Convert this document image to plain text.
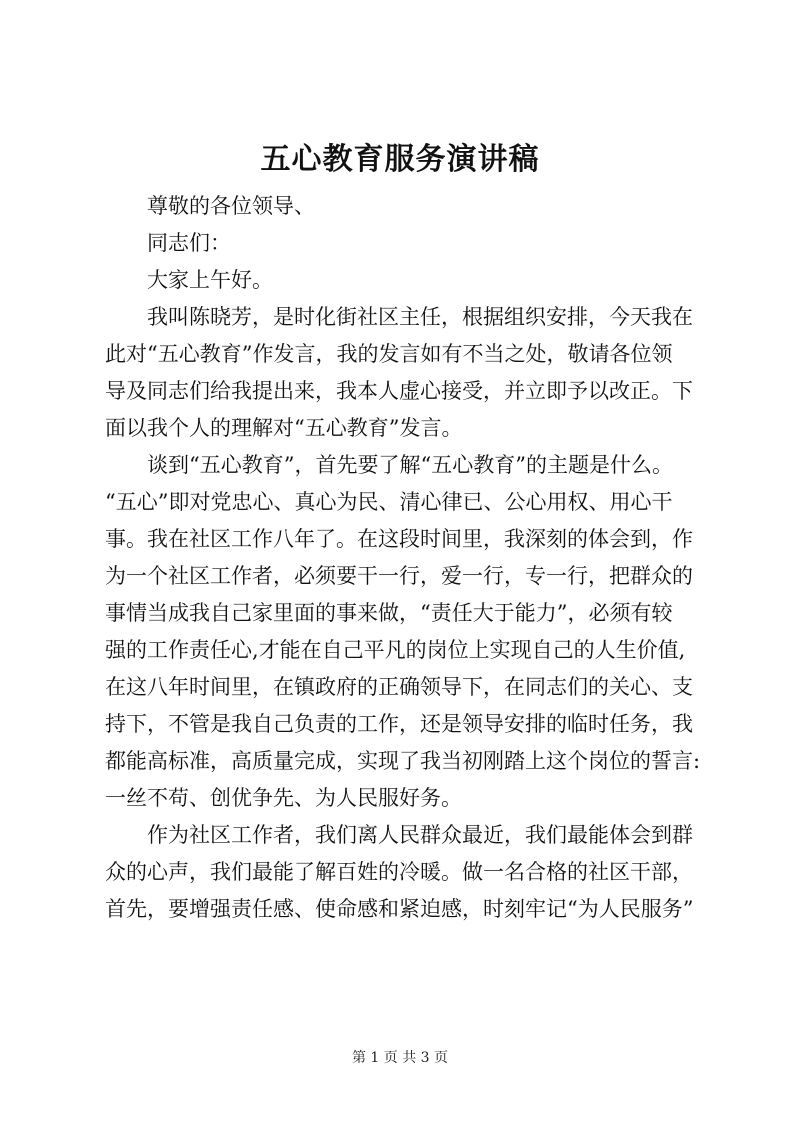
五心教育服务演讲稿
尊敬的各位领导、
同志们：
大家上午好。
我叫陈晓芳，是时化街社区主任，根据组织安排，今天我在
此对“五心教育”作发言，我的发言如有不当之处，敬请各位领
导及同志们给我提出来，我本人虚心接受，并立即予以改正。下
面以我个人的理解对“五心教育”发言。
谈到“五心教育”，首先要了解“五心教育”的主题是什么。
“五心”即对党忠心、真心为民、清心律已、公心用权、用心干
事。我在社区工作八年了。在这段时间里，我深刻的体会到，作
为一个社区工作者，必须要干一行，爱一行，专一行，把群众的
事情当成我自己家里面的事来做，“责任大于能力”，必须有较
强的工作责任心,才能在自己平凡的岗位上实现自己的人生价值,
在这八年时间里，在镇政府的正确领导下，在同志们的关心、支
持下，不管是我自己负责的工作，还是领导安排的临时任务，我
都能高标准，高质量完成，实现了我当初刚踏上这个岗位的誓言:
一丝不苟、创优争先、为人民服好务。
作为社区工作者，我们离人民群众最近，我们最能体会到群
众的心声，我们最能了解百姓的冷暖。做一名合格的社区干部，
首先，要增强责任感、使命感和紧迫感，时刻牢记“为人民服务”
第 1 页 共 3 页
